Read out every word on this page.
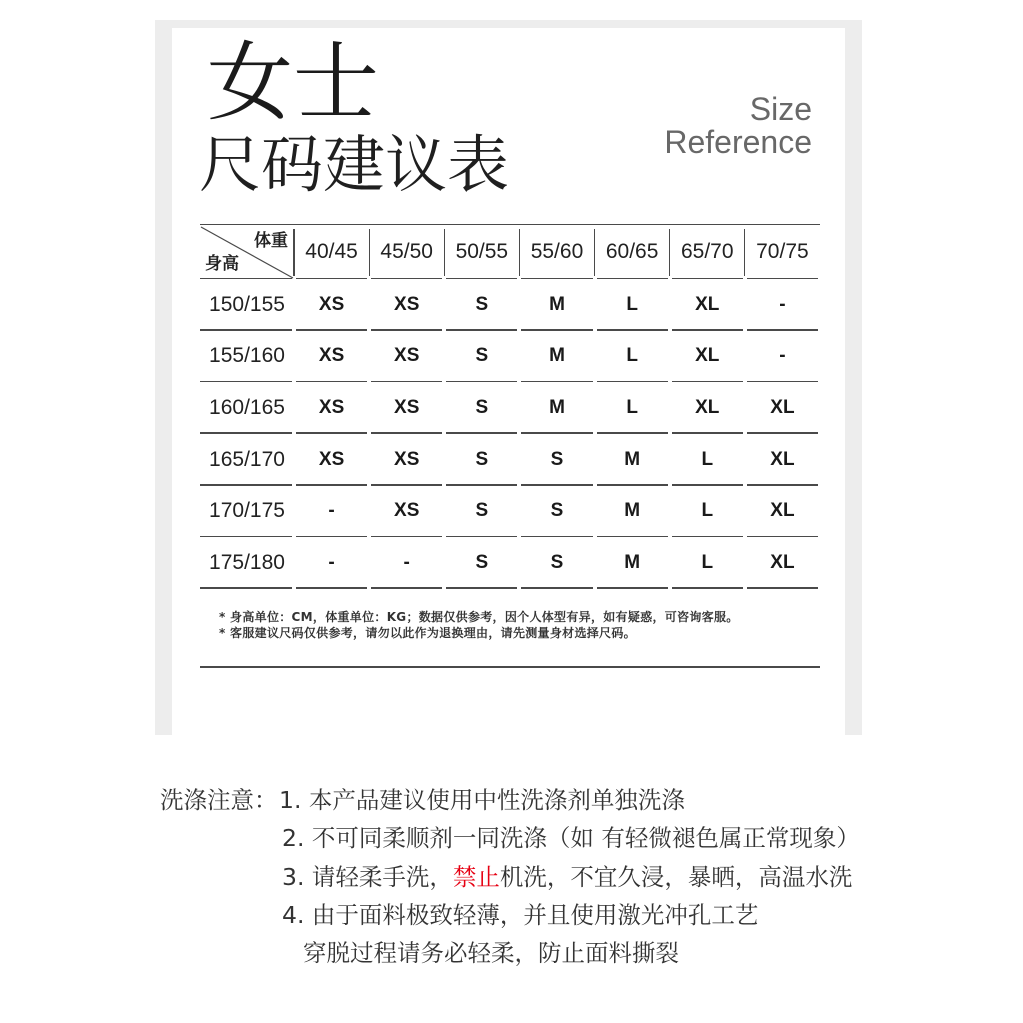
女士
尺码建议表
Size
Reference
体重
身高
40/45	45/50	50/55	55/60	60/65	65/70	70/75
150/155	XS	XS	S	M	L	XL	-
155/160	XS	XS	S	M	L	XL	-
160/165	XS	XS	S	M	L	XL	XL
165/170	XS	XS	S	S	M	L	XL
170/175	-	XS	S	S	M	L	XL
175/180	-	-	S	S	M	L	XL

* 身高单位：CM，体重单位：KG；数据仅供参考，因个人体型有异，如有疑惑，可咨询客服。

* 客服建议尺码仅供参考，请勿以此作为退换理由，请先测量身材选择尺码。

洗涤注意： 1. 本产品建议使用中性洗涤剂单独洗涤
2. 不可同柔顺剂一同洗涤（如 有轻微褪色属正常现象）
3. 请轻柔手洗，禁止机洗，不宜久浸，暴晒，高温水洗
4. 由于面料极致轻薄，并且使用激光冲孔工艺
穿脱过程请务必轻柔，防止面料撕裂
